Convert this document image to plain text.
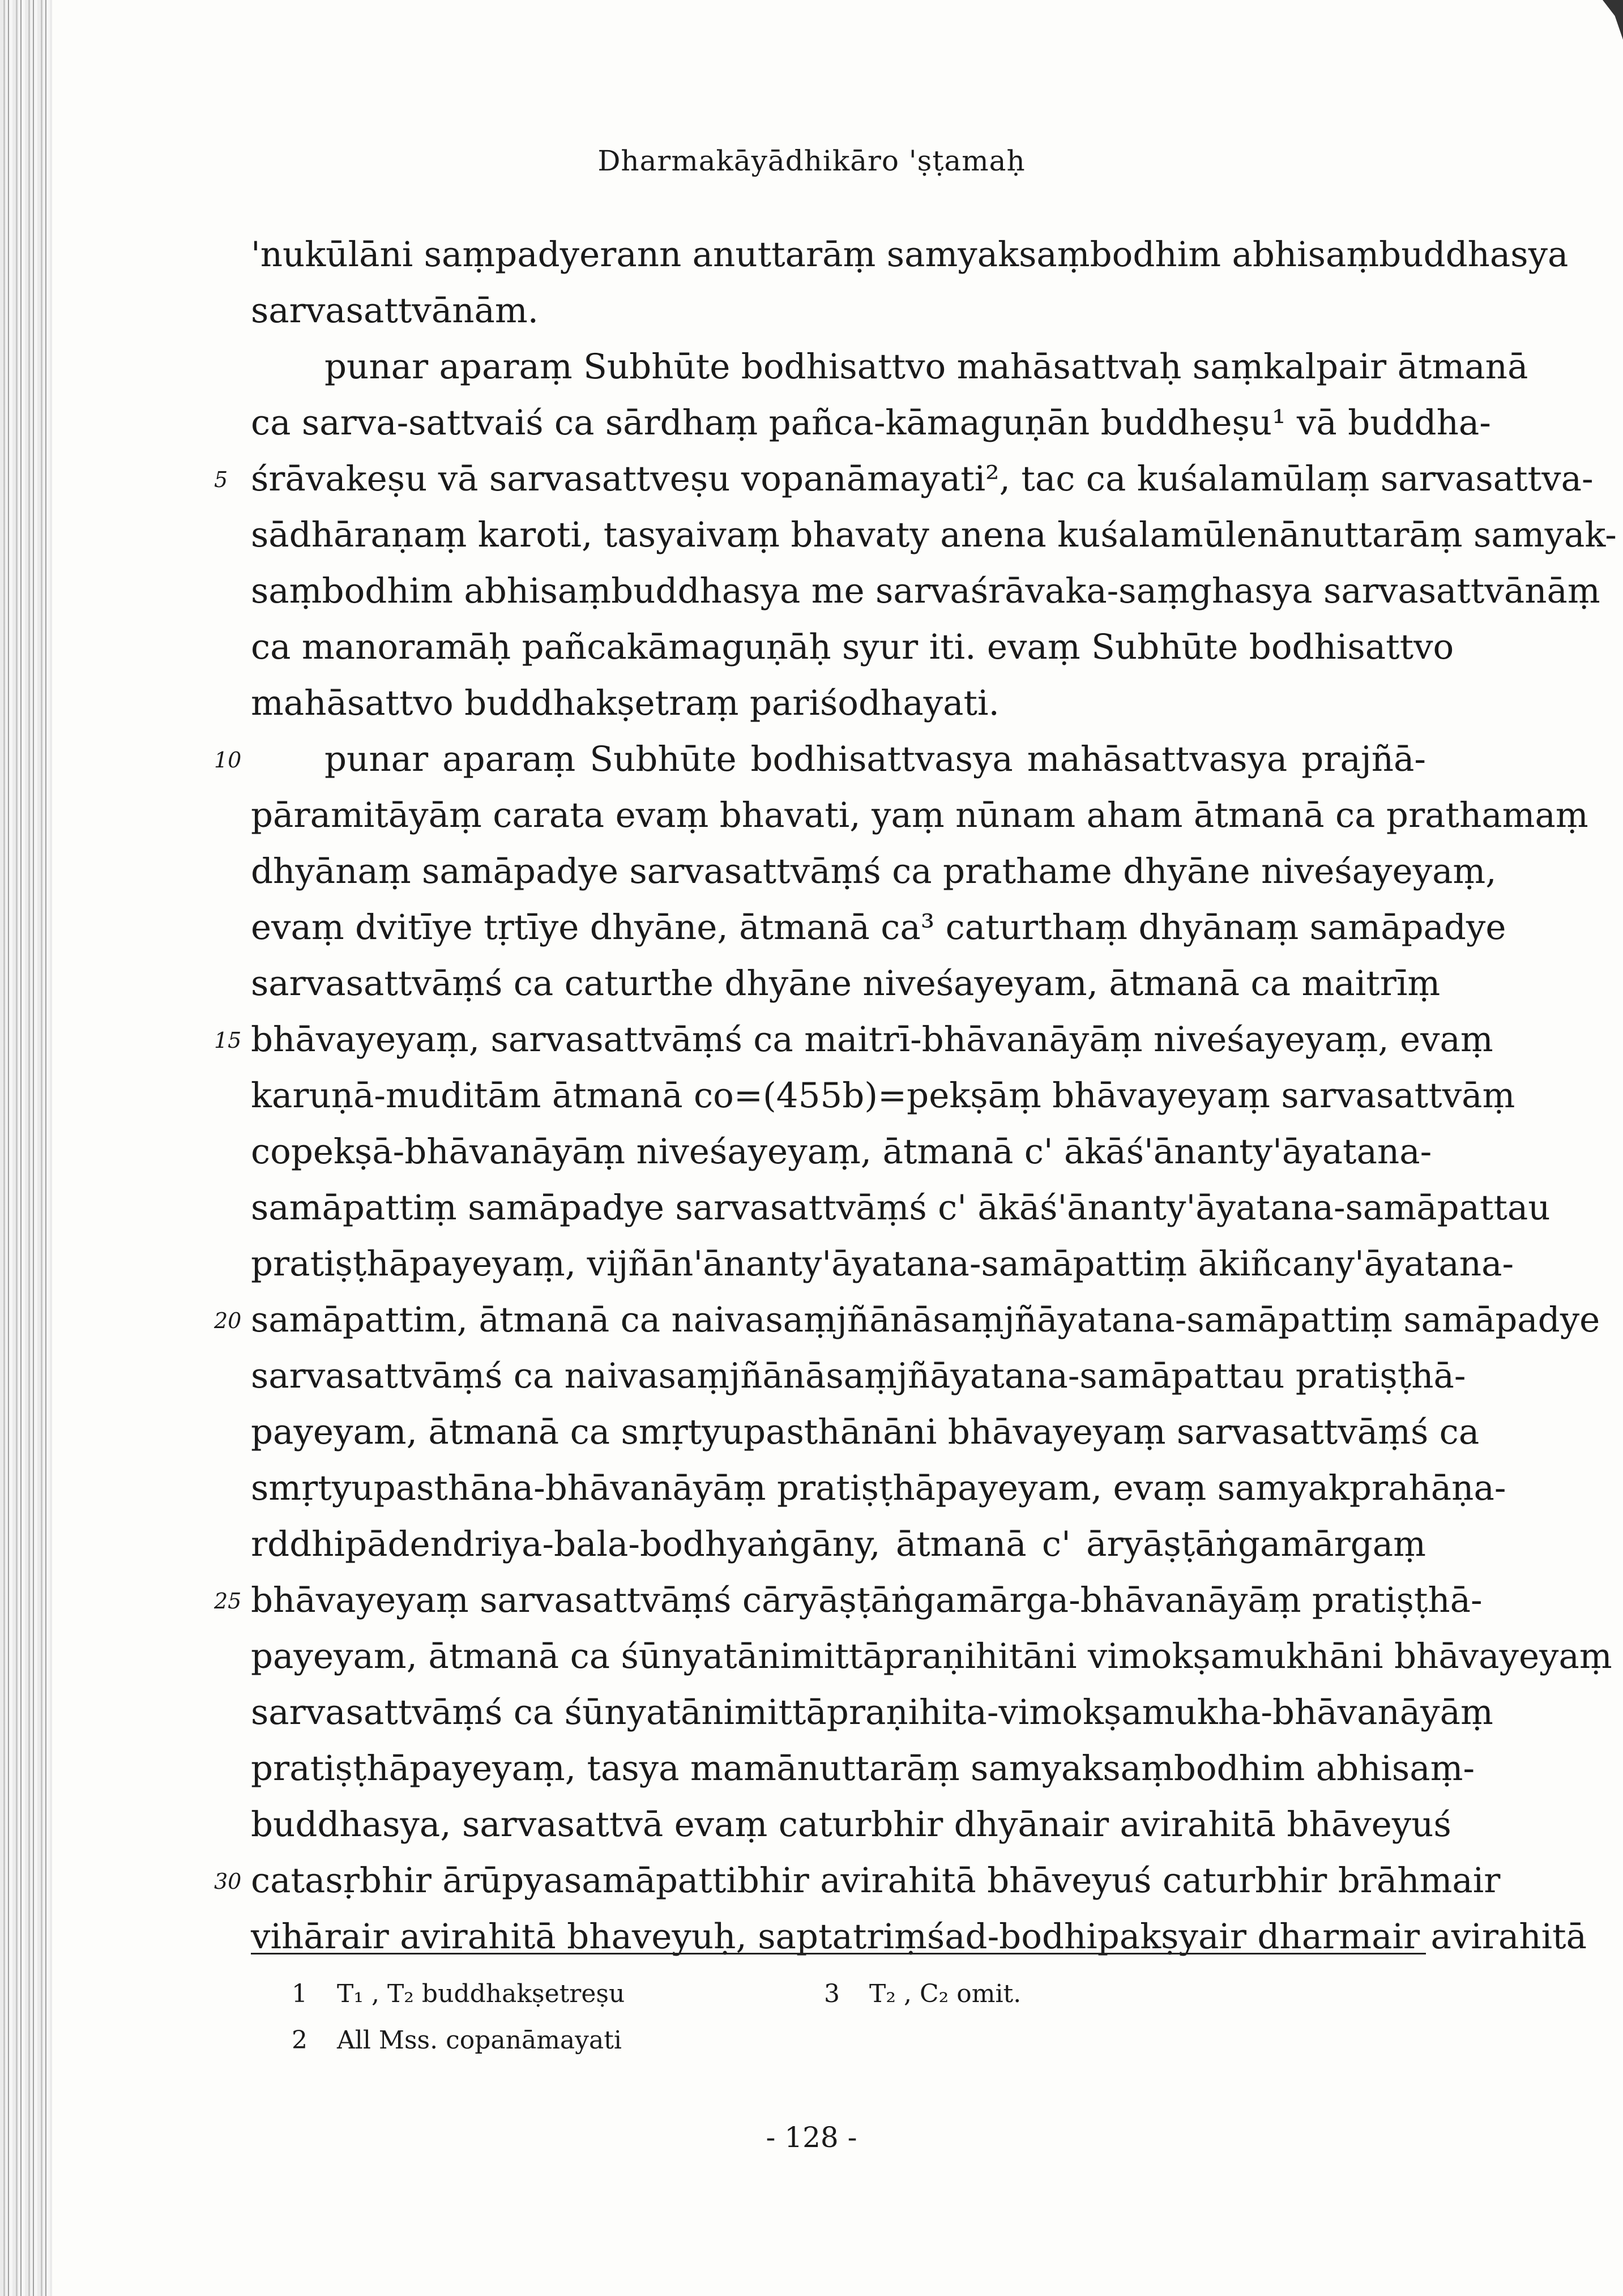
Dharmakāyādhikāro 'ṣṭamaḥ
'nukūlāni saṃpadyerann anuttarāṃ samyaksaṃbodhim abhisaṃbuddhasya
sarvasattvānām.
punar aparaṃ Subhūte bodhisattvo mahāsattvaḥ saṃkalpair ātmanā
ca sarva-sattvaiś ca sārdhaṃ pañca-kāmaguṇān buddheṣu¹ vā buddha-
5 śrāvakeṣu vā sarvasattveṣu vopanāmayati², tac ca kuśalamūlaṃ sarvasattva-
sādhāraṇaṃ karoti, tasyaivaṃ bhavaty anena kuśalamūlenānuttarāṃ samyak-
saṃbodhim abhisaṃbuddhasya me sarvaśrāvaka-saṃghasya sarvasattvānāṃ
ca manoramāḥ pañcakāmaguṇāḥ syur iti. evaṃ Subhūte bodhisattvo
mahāsattvo buddhakṣetraṃ pariśodhayati.
10 punar aparaṃ Subhūte bodhisattvasya mahāsattvasya prajñā-
pāramitāyāṃ carata evaṃ bhavati, yaṃ nūnam aham ātmanā ca prathamaṃ
dhyānaṃ samāpadye sarvasattvāṃś ca prathame dhyāne niveśayeyaṃ,
evaṃ dvitīye tṛtīye dhyāne, ātmanā ca³ caturthaṃ dhyānaṃ samāpadye
sarvasattvāṃś ca caturthe dhyāne niveśayeyam, ātmanā ca maitrīṃ
15 bhāvayeyaṃ, sarvasattvāṃś ca maitrī-bhāvanāyāṃ niveśayeyaṃ, evaṃ
karuṇā-muditām ātmanā co=(455b)=pekṣāṃ bhāvayeyaṃ sarvasattvāṃ
copekṣā-bhāvanāyāṃ niveśayeyaṃ, ātmanā c' ākāś'ānanty'āyatana-
samāpattiṃ samāpadye sarvasattvāṃś c' ākāś'ānanty'āyatana-samāpattau
pratiṣṭhāpayeyaṃ, vijñān'ānanty'āyatana-samāpattiṃ ākiñcany'āyatana-
20 samāpattim, ātmanā ca naivasaṃjñānāsaṃjñāyatana-samāpattiṃ samāpadye
sarvasattvāṃś ca naivasaṃjñānāsaṃjñāyatana-samāpattau pratiṣṭhā-
payeyam, ātmanā ca smṛtyupasthānāni bhāvayeyaṃ sarvasattvāṃś ca
smṛtyupasthāna-bhāvanāyāṃ pratiṣṭhāpayeyam, evaṃ samyakprahāṇa-
rddhipādendriya-bala-bodhyaṅgāny, ātmanā c' āryāṣṭāṅgamārgaṃ
25 bhāvayeyaṃ sarvasattvāṃś cāryāṣṭāṅgamārga-bhāvanāyāṃ pratiṣṭhā-
payeyam, ātmanā ca śūnyatānimittāpraṇihitāni vimokṣamukhāni bhāvayeyaṃ
sarvasattvāṃś ca śūnyatānimittāpraṇihita-vimokṣamukha-bhāvanāyāṃ
pratiṣṭhāpayeyaṃ, tasya mamānuttarāṃ samyaksaṃbodhim abhisaṃ-
buddhasya, sarvasattvā evaṃ caturbhir dhyānair avirahitā bhāveyuś
30 catasṛbhir ārūpyasamāpattibhir avirahitā bhāveyuś caturbhir brāhmair
vihārair avirahitā bhaveyuḥ, saptatriṃśad-bodhipakṣyair dharmair avirahitā
1 T₁ , T₂ buddhakṣetreṣu
2 All Mss. copanāmayati
3 T₂ , C₂ omit.
- 128 -
